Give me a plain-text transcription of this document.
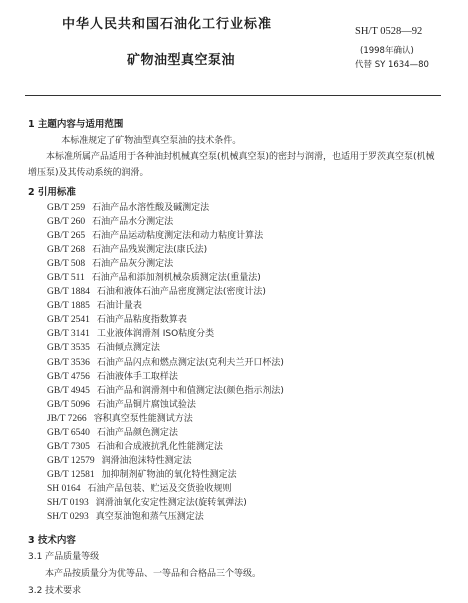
中华人民共和国石油化工行业标准	SH/T 0528—92
(1998年确认)
矿物油型真空泵油	代替 SY 1634—80
1 主题内容与适用范围
本标准规定了矿物油型真空泵油的技术条件。
本标准所属产品适用于各种油封机械真空泵(机械真空泵)的密封与润滑，也适用于罗茨真空泵(机械增压泵)及其传动系统的润滑。
2 引用标准
GB/T 259 石油产品水溶性酸及碱测定法
GB/T 260 石油产品水分测定法
GB/T 265 石油产品运动粘度测定法和动力粘度计算法
GB/T 268 石油产品残炭测定法(康氏法)
GB/T 508 石油产品灰分测定法
GB/T 511 石油产品和添加剂机械杂质测定法(重量法)
GB/T 1884 石油和液体石油产品密度测定法(密度计法)
GB/T 1885 石油计量表
GB/T 2541 石油产品粘度指数算表
GB/T 3141 工业液体润滑剂 ISO粘度分类
GB/T 3535 石油倾点测定法
GB/T 3536 石油产品闪点和燃点测定法(克利夫兰开口杯法)
GB/T 4756 石油液体手工取样法
GB/T 4945 石油产品和润滑剂中和值测定法(颜色指示剂法)
GB/T 5096 石油产品铜片腐蚀试验法
JB/T 7266 容积真空泵性能测试方法
GB/T 6540 石油产品颜色测定法
GB/T 7305 石油和合成液抗乳化性能测定法
GB/T 12579 润滑油泡沫特性测定法
GB/T 12581 加抑制剂矿物油的氧化特性测定法
SH 0164 石油产品包装、贮运及交货验收规则
SH/T 0193 润滑油氧化安定性测定法(旋转氧弹法)
SH/T 0293 真空泵油饱和蒸气压测定法
3 技术内容
3.1 产品质量等级
本产品按质量分为优等品、一等品和合格品三个等级。
3.2 技术要求
